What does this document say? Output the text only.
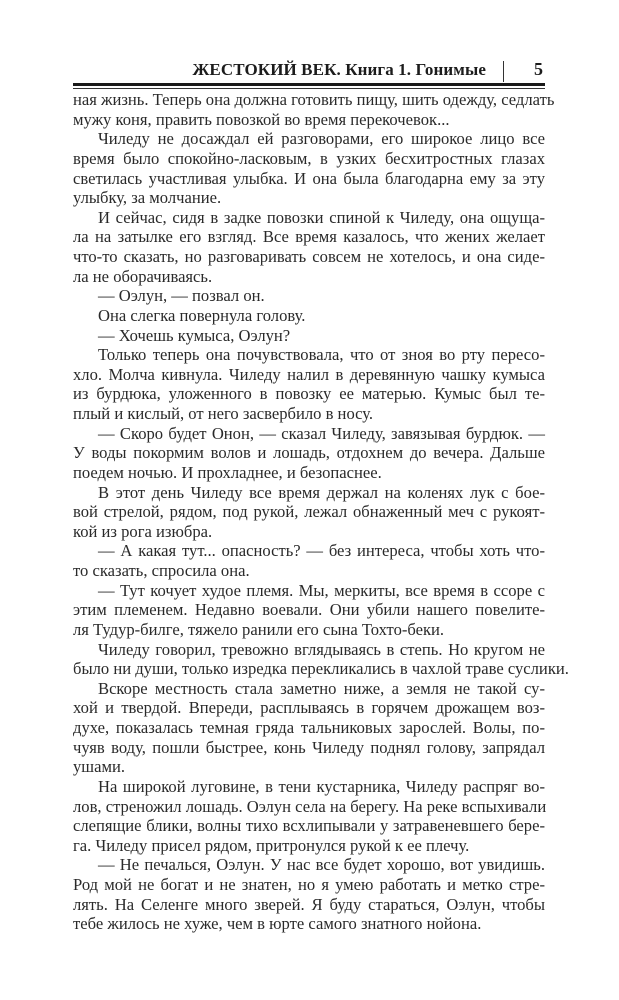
ЖЕСТОКИЙ ВЕК. Книга 1. Гонимые	5
ная жизнь. Теперь она должна готовить пищу, шить одежду, седлать
мужу коня, править повозкой во время перекочевок...
Чиледу не досаждал ей разговорами, его широкое лицо все
время было спокойно-ласковым, в узких бесхитростных глазах
светилась участливая улыбка. И она была благодарна ему за эту
улыбку, за молчание.
И сейчас, сидя в задке повозки спиной к Чиледу, она ощуща-
ла на затылке его взгляд. Все время казалось, что жених желает
что-то сказать, но разговаривать совсем не хотелось, и она сиде-
ла не оборачиваясь.
— Оэлун, — позвал он.
Она слегка повернула голову.
— Хочешь кумыса, Оэлун?
Только теперь она почувствовала, что от зноя во рту пересо-
хло. Молча кивнула. Чиледу налил в деревянную чашку кумыса
из бурдюка, уложенного в повозку ее матерью. Кумыс был те-
плый и кислый, от него засвербило в носу.
— Скоро будет Онон, — сказал Чиледу, завязывая бурдюк. —
У воды покормим волов и лошадь, отдохнем до вечера. Дальше
поедем ночью. И прохладнее, и безопаснее.
В этот день Чиледу все время держал на коленях лук с бое-
вой стрелой, рядом, под рукой, лежал обнаженный меч с рукоят-
кой из рога изюбра.
— А какая тут... опасность? — без интереса, чтобы хоть что-
то сказать, спросила она.
— Тут кочует худое племя. Мы, меркиты, все время в ссоре с
этим племенем. Недавно воевали. Они убили нашего повелите-
ля Тудур-билге, тяжело ранили его сына Тохто-беки.
Чиледу говорил, тревожно вглядываясь в степь. Но кругом не
было ни души, только изредка перекликались в чахлой траве суслики.
Вскоре местность стала заметно ниже, а земля не такой су-
хой и твердой. Впереди, расплываясь в горячем дрожащем воз-
духе, показалась темная гряда тальниковых зарослей. Волы, по-
чуяв воду, пошли быстрее, конь Чиледу поднял голову, запрядал
ушами.
На широкой луговине, в тени кустарника, Чиледу распряг во-
лов, стреножил лошадь. Оэлун села на берегу. На реке вспыхивали
слепящие блики, волны тихо всхлипывали у затравеневшего бере-
га. Чиледу присел рядом, притронулся рукой к ее плечу.
— Не печалься, Оэлун. У нас все будет хорошо, вот увидишь.
Род мой не богат и не знатен, но я умею работать и метко стре-
лять. На Селенге много зверей. Я буду стараться, Оэлун, чтобы
тебе жилось не хуже, чем в юрте самого знатного нойона.
